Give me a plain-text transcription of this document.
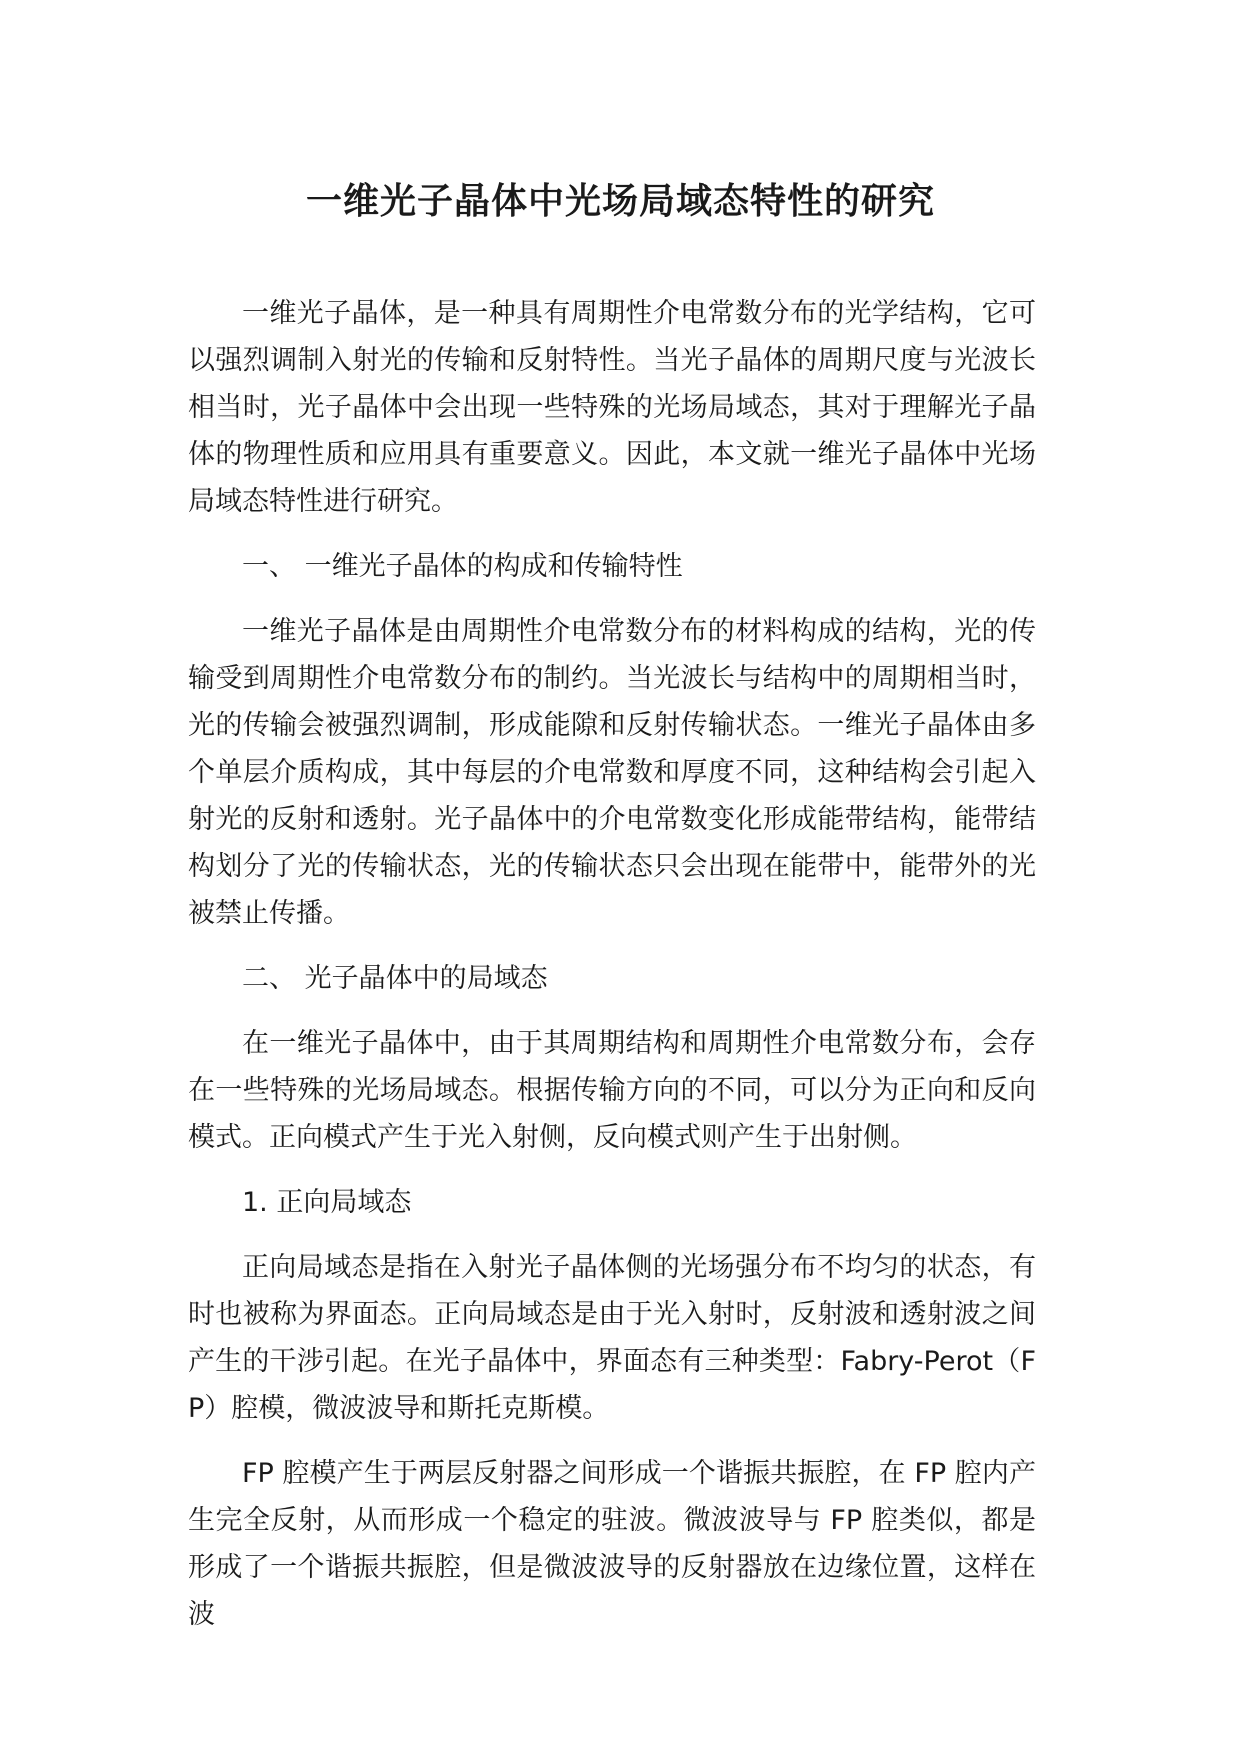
一维光子晶体中光场局域态特性的研究

一维光子晶体，是一种具有周期性介电常数分布的光学结构，它可以强烈调制入射光的传输和反射特性。当光子晶体的周期尺度与光波长相当时，光子晶体中会出现一些特殊的光场局域态，其对于理解光子晶体的物理性质和应用具有重要意义。因此，本文就一维光子晶体中光场局域态特性进行研究。

一、 一维光子晶体的构成和传输特性

一维光子晶体是由周期性介电常数分布的材料构成的结构，光的传输受到周期性介电常数分布的制约。当光波长与结构中的周期相当时，光的传输会被强烈调制，形成能隙和反射传输状态。一维光子晶体由多个单层介质构成，其中每层的介电常数和厚度不同，这种结构会引起入射光的反射和透射。光子晶体中的介电常数变化形成能带结构，能带结构划分了光的传输状态，光的传输状态只会出现在能带中，能带外的光被禁止传播。

二、 光子晶体中的局域态

在一维光子晶体中，由于其周期结构和周期性介电常数分布，会存在一些特殊的光场局域态。根据传输方向的不同，可以分为正向和反向模式。正向模式产生于光入射侧，反向模式则产生于出射侧。

1. 正向局域态

正向局域态是指在入射光子晶体侧的光场强分布不均匀的状态，有时也被称为界面态。正向局域态是由于光入射时，反射波和透射波之间产生的干涉引起。在光子晶体中，界面态有三种类型：Fabry-Perot（FP）腔模，微波波导和斯托克斯模。

FP 腔模产生于两层反射器之间形成一个谐振共振腔，在 FP 腔内产生完全反射，从而形成一个稳定的驻波。微波波导与 FP 腔类似，都是形成了一个谐振共振腔，但是微波波导的反射器放在边缘位置，这样在波
